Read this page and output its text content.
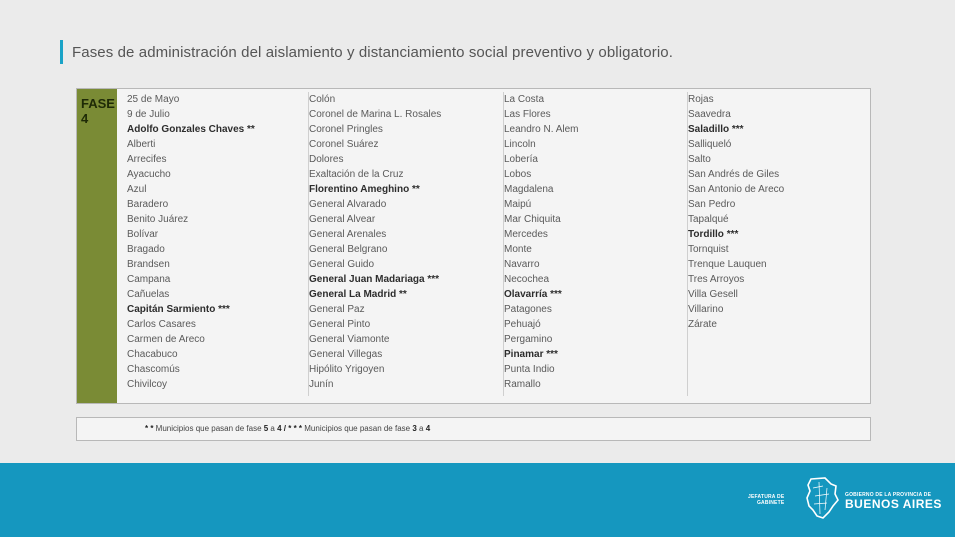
Fases de administración del aislamiento y distanciamiento social preventivo y obligatorio.
FASE 4
25 de Mayo
9 de Julio
Adolfo Gonzales Chaves **
Alberti
Arrecifes
Ayacucho
Azul
Baradero
Benito Juárez
Bolívar
Bragado
Brandsen
Campana
Cañuelas
Capitán Sarmiento ***
Carlos Casares
Carmen de Areco
Chacabuco
Chascomús
Chivilcoy
Colón
Coronel de Marina L. Rosales
Coronel Pringles
Coronel Suárez
Dolores
Exaltación de la Cruz
Florentino Ameghino **
General Alvarado
General Alvear
General Arenales
General Belgrano
General Guido
General Juan Madariaga ***
General La Madrid **
General Paz
General Pinto
General Viamonte
General Villegas
Hipólito Yrigoyen
Junín
La Costa
Las Flores
Leandro N. Alem
Lincoln
Lobería
Lobos
Magdalena
Maipú
Mar Chiquita
Mercedes
Monte
Navarro
Necochea
Olavarría ***
Patagones
Pehuajó
Pergamino
Pinamar ***
Punta Indio
Ramallo
Rojas
Saavedra
Saladillo ***
Salliqueló
Salto
San Andrés de Giles
San Antonio de Areco
San Pedro
Tapalqué
Tordillo ***
Tornquist
Trenque Lauquen
Tres Arroyos
Villa Gesell
Villarino
Zárate
* * Municipios que pasan de fase 5 a 4 / * * * Municipios que pasan de fase 3 a 4
JEFATURA DE
GABINETE
GOBIERNO DE LA PROVINCIA DE
BUENOS AIRES
